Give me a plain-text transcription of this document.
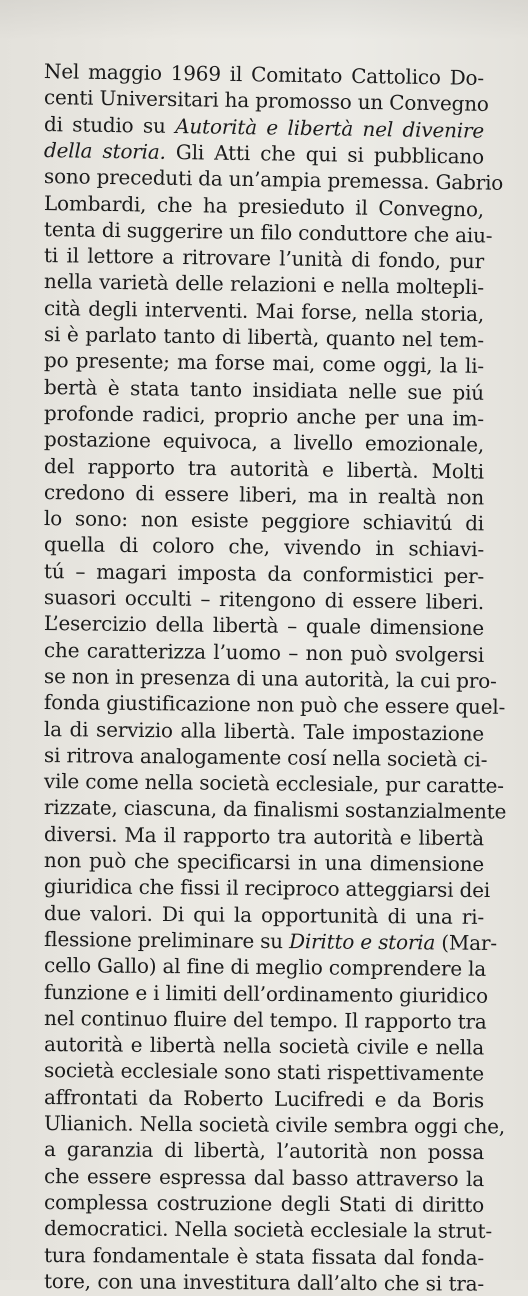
Nel maggio 1969 il Comitato Cattolico Do-
centi Universitari ha promosso un Convegno
di studio su Autorità e libertà nel divenire
della storia. Gli Atti che qui si pubblicano
sono preceduti da un’ampia premessa. Gabrio
Lombardi, che ha presieduto il Convegno,
tenta di suggerire un filo conduttore che aiu-
ti il lettore a ritrovare l’unità di fondo, pur
nella varietà delle relazioni e nella moltepli-
cità degli interventi. Mai forse, nella storia,
si è parlato tanto di libertà, quanto nel tem-
po presente; ma forse mai, come oggi, la li-
bertà è stata tanto insidiata nelle sue piú
profonde radici, proprio anche per una im-
postazione equivoca, a livello emozionale,
del rapporto tra autorità e libertà. Molti
credono di essere liberi, ma in realtà non
lo sono: non esiste peggiore schiavitú di
quella di coloro che, vivendo in schiavi-
tú – magari imposta da conformistici per-
suasori occulti – ritengono di essere liberi.
L’esercizio della libertà – quale dimensione
che caratterizza l’uomo – non può svolgersi
se non in presenza di una autorità, la cui pro-
fonda giustificazione non può che essere quel-
la di servizio alla libertà. Tale impostazione
si ritrova analogamente cosí nella società ci-
vile come nella società ecclesiale, pur caratte-
rizzate, ciascuna, da finalismi sostanzialmente
diversi. Ma il rapporto tra autorità e libertà
non può che specificarsi in una dimensione
giuridica che fissi il reciproco atteggiarsi dei
due valori. Di qui la opportunità di una ri-
flessione preliminare su Diritto e storia (Mar-
cello Gallo) al fine di meglio comprendere la
funzione e i limiti dell’ordinamento giuridico
nel continuo fluire del tempo. Il rapporto tra
autorità e libertà nella società civile e nella
società ecclesiale sono stati rispettivamente
affrontati da Roberto Lucifredi e da Boris
Ulianich. Nella società civile sembra oggi che,
a garanzia di libertà, l’autorità non possa
che essere espressa dal basso attraverso la
complessa costruzione degli Stati di diritto
democratici. Nella società ecclesiale la strut-
tura fondamentale è stata fissata dal fonda-
tore, con una investitura dall’alto che si tra-
